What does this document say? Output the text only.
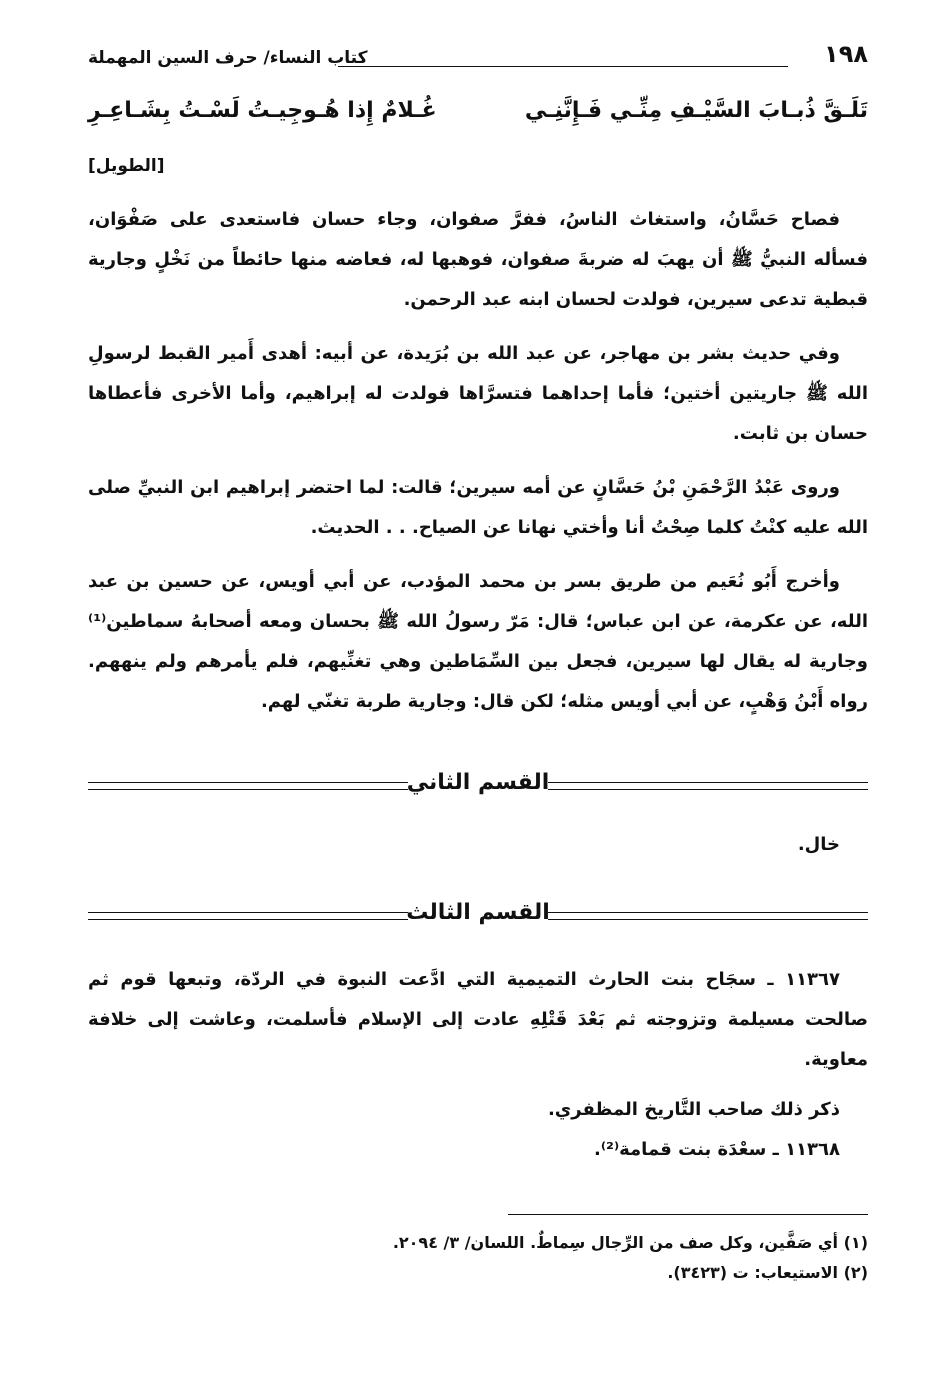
١٩٨
كتاب النساء/ حرف السين المهملة
تَلَـقَّ ذُبـابَ السَّيْـفِ مِنِّـي فَـإِنَّنِـي
غُـلامٌ إِذا هُـوجِيـتُ لَسْـتُ بِشَـاعِـرِ
[الطويل]

فصاح حَسَّانُ، واستغاث الناسُ، ففرَّ صفوان، وجاء حسان فاستعدى على صَفْوَان، فسأله النبيُّ ﷺ أن يهبَ له ضربةَ صفوان، فوهبها له، فعاضه منها حائطاً من نَخْلٍ وجارية قبطية تدعى سيرين، فولدت لحسان ابنه عبد الرحمن.

وفي حديث بشر بن مهاجر، عن عبد الله بن بُرَيدة، عن أبيه: أهدى أَمير القبط لرسولِ الله ﷺ جاريتين أختين؛ فأما إحداهما فتسرَّاها فولدت له إبراهيم، وأما الأخرى فأعطاها حسان بن ثابت.

وروى عَبْدُ الرَّحْمَنِ بْنُ حَسَّانٍ عن أمه سيرين؛ قالت: لما احتضر إبراهيم ابن النبيِّ صلى الله عليه كنْتُ كلما صِحْتُ أنا وأختي نهانا عن الصياح. . . الحديث.

وأخرج أَبُو نُعَيم من طريق بسر بن محمد المؤدب، عن أبي أويس، عن حسين بن عبد الله، عن عكرمة، عن ابن عباس؛ قال: مَرّ رسولُ الله ﷺ بحسان ومعه أصحابهُ سماطين⁽¹⁾ وجارية له يقال لها سيرين، فجعل بين السِّمَاطين وهي تغنِّيهم، فلم يأمرهم ولم ينههم. رواه أَبْنُ وَهْبٍ، عن أبي أويس مثله؛ لكن قال: وجارية طربة تغنّي لهم.

القسم الثاني

خال.

القسم الثالث

١١٣٦٧ ـ سجَاح بنت الحارث التميمية التي ادَّعت النبوة في الردّة، وتبعها قوم ثم صالحت مسيلمة وتزوجته ثم بَعْدَ قَتْلِهِ عادت إلى الإسلام فأسلمت، وعاشت إلى خلافة معاوية.

ذكر ذلك صاحب التَّاريخ المظفري.

١١٣٦٨ ـ سعْدَة بنت قمامة⁽²⁾.

(١) أي صَفَّين، وكل صف من الرِّجال سِماطٌ. اللسان/ ٣/ ٢٠٩٤.
(٢) الاستيعاب: ت (٣٤٢٣).
